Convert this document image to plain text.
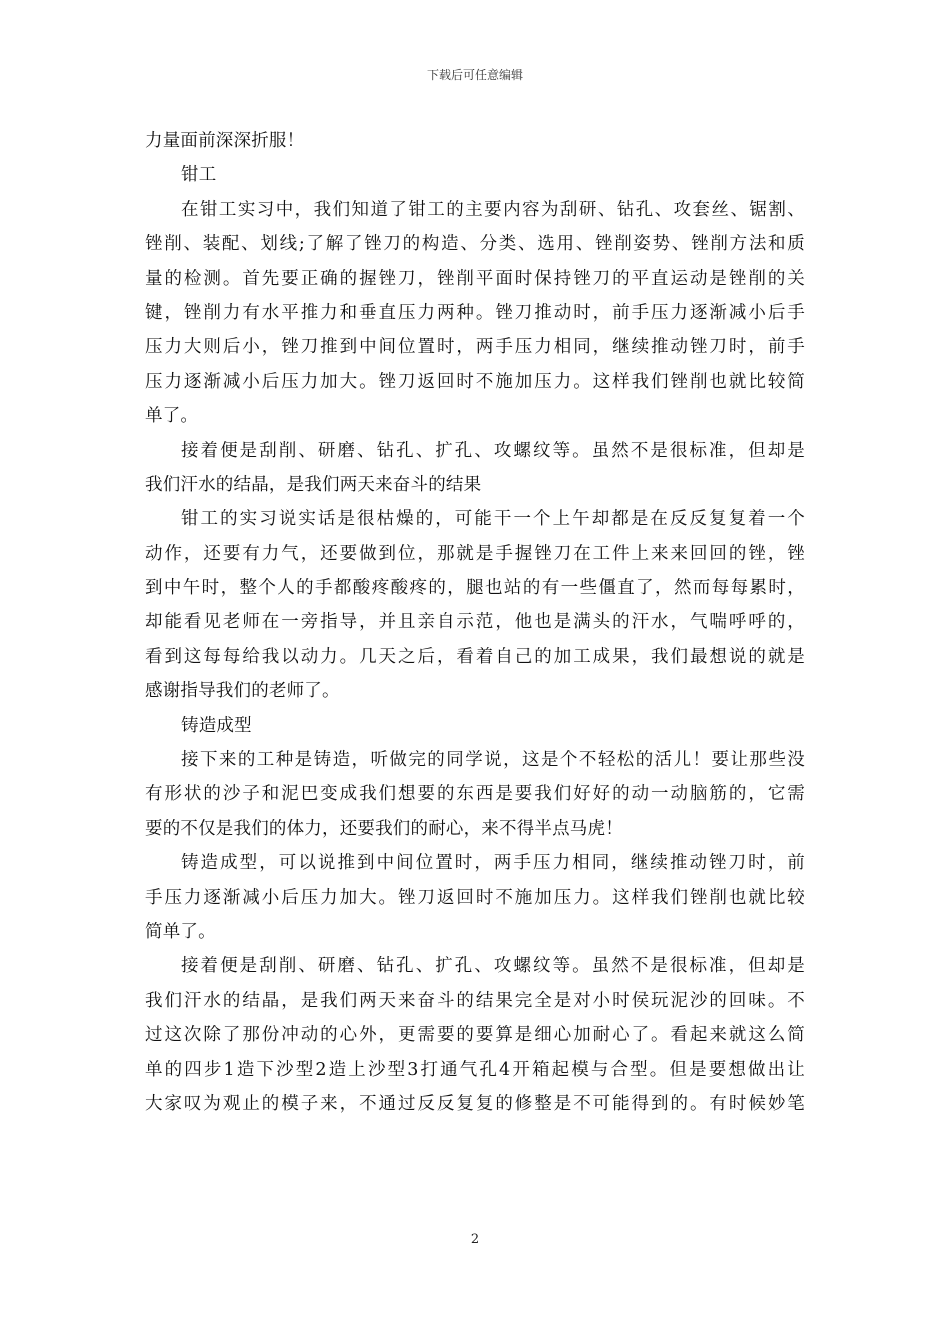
下载后可任意编辑
力量面前深深折服！
钳工
在钳工实习中，我们知道了钳工的主要内容为刮研、钻孔、攻套丝、锯割、
锉削、装配、划线;了解了锉刀的构造、分类、选用、锉削姿势、锉削方法和质
量的检测。首先要正确的握锉刀，锉削平面时保持锉刀的平直运动是锉削的关
键，锉削力有水平推力和垂直压力两种。锉刀推动时，前手压力逐渐减小后手
压力大则后小，锉刀推到中间位置时，两手压力相同，继续推动锉刀时，前手
压力逐渐减小后压力加大。锉刀返回时不施加压力。这样我们锉削也就比较简
单了。
接着便是刮削、研磨、钻孔、扩孔、攻螺纹等。虽然不是很标准，但却是
我们汗水的结晶，是我们两天来奋斗的结果
钳工的实习说实话是很枯燥的，可能干一个上午却都是在反反复复着一个
动作，还要有力气，还要做到位，那就是手握锉刀在工件上来来回回的锉，锉
到中午时，整个人的手都酸疼酸疼的，腿也站的有一些僵直了，然而每每累时，
却能看见老师在一旁指导，并且亲自示范，他也是满头的汗水，气喘呼呼的，
看到这每每给我以动力。几天之后，看着自己的加工成果，我们最想说的就是
感谢指导我们的老师了。
铸造成型
接下来的工种是铸造，听做完的同学说，这是个不轻松的活儿！要让那些没
有形状的沙子和泥巴变成我们想要的东西是要我们好好的动一动脑筋的，它需
要的不仅是我们的体力，还要我们的耐心，来不得半点马虎！
铸造成型，可以说推到中间位置时，两手压力相同，继续推动锉刀时，前
手压力逐渐减小后压力加大。锉刀返回时不施加压力。这样我们锉削也就比较
简单了。
接着便是刮削、研磨、钻孔、扩孔、攻螺纹等。虽然不是很标准，但却是
我们汗水的结晶，是我们两天来奋斗的结果完全是对小时侯玩泥沙的回味。不
过这次除了那份冲动的心外，更需要的要算是细心加耐心了。看起来就这么简
单的四步1造下沙型2造上沙型3打通气孔4开箱起模与合型。但是要想做出让
大家叹为观止的模子来，不通过反反复复的修整是不可能得到的。有时候妙笔
2
